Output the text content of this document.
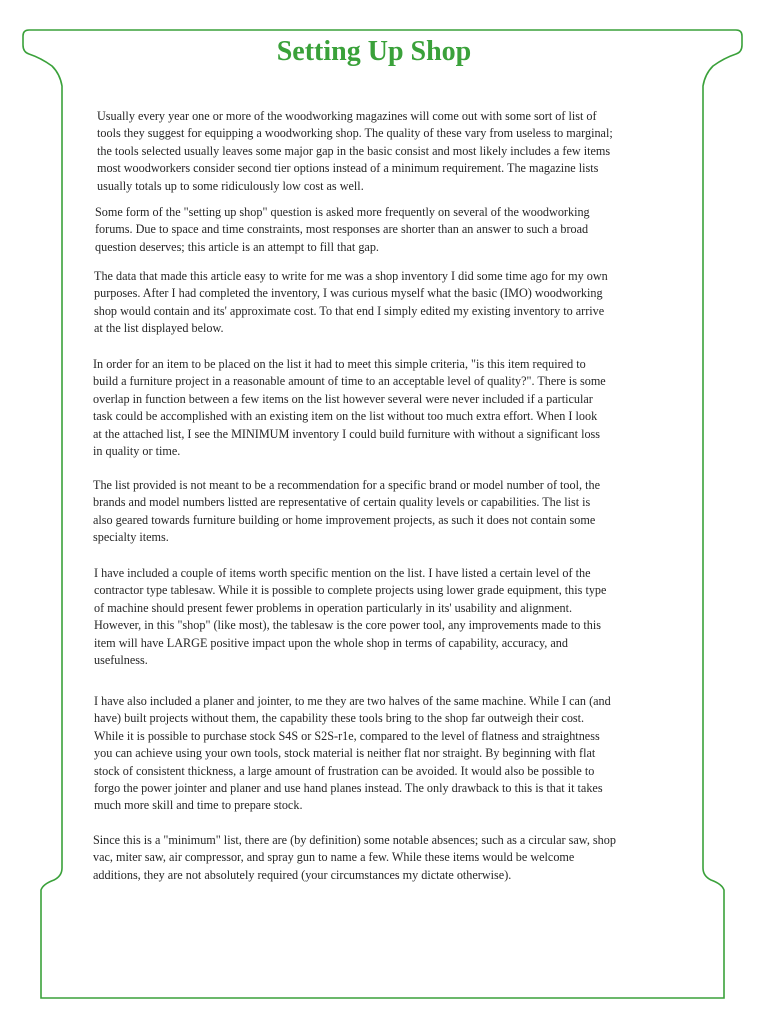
Setting Up Shop

Usually every year one or more of the woodworking magazines will come out with some sort of list of
tools they suggest for equipping a woodworking shop. The quality of these vary from useless to marginal;
the tools selected usually leaves some major gap in the basic consist and most likely includes a few items
most woodworkers consider second tier options instead of a minimum requirement. The magazine lists
usually totals up to some ridiculously low cost as well.

Some form of the "setting up shop" question is asked more frequently on several of the woodworking
forums. Due to space and time constraints, most responses are shorter than an answer to such a broad
question deserves; this article is an attempt to fill that gap.

The data that made this article easy to write for me was a shop inventory I did some time ago for my own
purposes. After I had completed the inventory, I was curious myself what the basic (IMO) woodworking
shop would contain and its' approximate cost. To that end I simply edited my existing inventory to arrive
at the list displayed below.

In order for an item to be placed on the list it had to meet this simple criteria, "is this item required to
build a furniture project in a reasonable amount of time to an acceptable level of quality?". There is some
overlap in function between a few items on the list however several were never included if a particular
task could be accomplished with an existing item on the list without too much extra effort. When I look
at the attached list, I see the MINIMUM inventory I could build furniture with without a significant loss
in quality or time.

The list provided is not meant to be a recommendation for a specific brand or model number of tool, the
brands and model numbers listted are representative of certain quality levels or capabilities. The list is
also geared towards furniture building or home improvement projects, as such it does not contain some
specialty items.

I have included a couple of items worth specific mention on the list. I have listed a certain level of the
contractor type tablesaw. While it is possible to complete projects using lower grade equipment, this type
of machine should present fewer problems in operation particularly in its' usability and alignment.
However, in this "shop" (like most), the tablesaw is the core power tool, any improvements made to this
item will have LARGE positive impact upon the whole shop in terms of capability, accuracy, and
usefulness.

I have also included a planer and jointer, to me they are two halves of the same machine. While I can (and
have) built projects without them, the capability these tools bring to the shop far outweigh their cost.
While it is possible to purchase stock S4S or S2S-r1e, compared to the level of flatness and straightness
you can achieve using your own tools, stock material is neither flat nor straight. By beginning with flat
stock of consistent thickness, a large amount of frustration can be avoided. It would also be possible to
forgo the power jointer and planer and use hand planes instead. The only drawback to this is that it takes
much more skill and time to prepare stock.

Since this is a "minimum" list, there are (by definition) some notable absences; such as a circular saw, shop
vac, miter saw, air compressor, and spray gun to name a few. While these items would be welcome
additions, they are not absolutely required (your circumstances my dictate otherwise).
